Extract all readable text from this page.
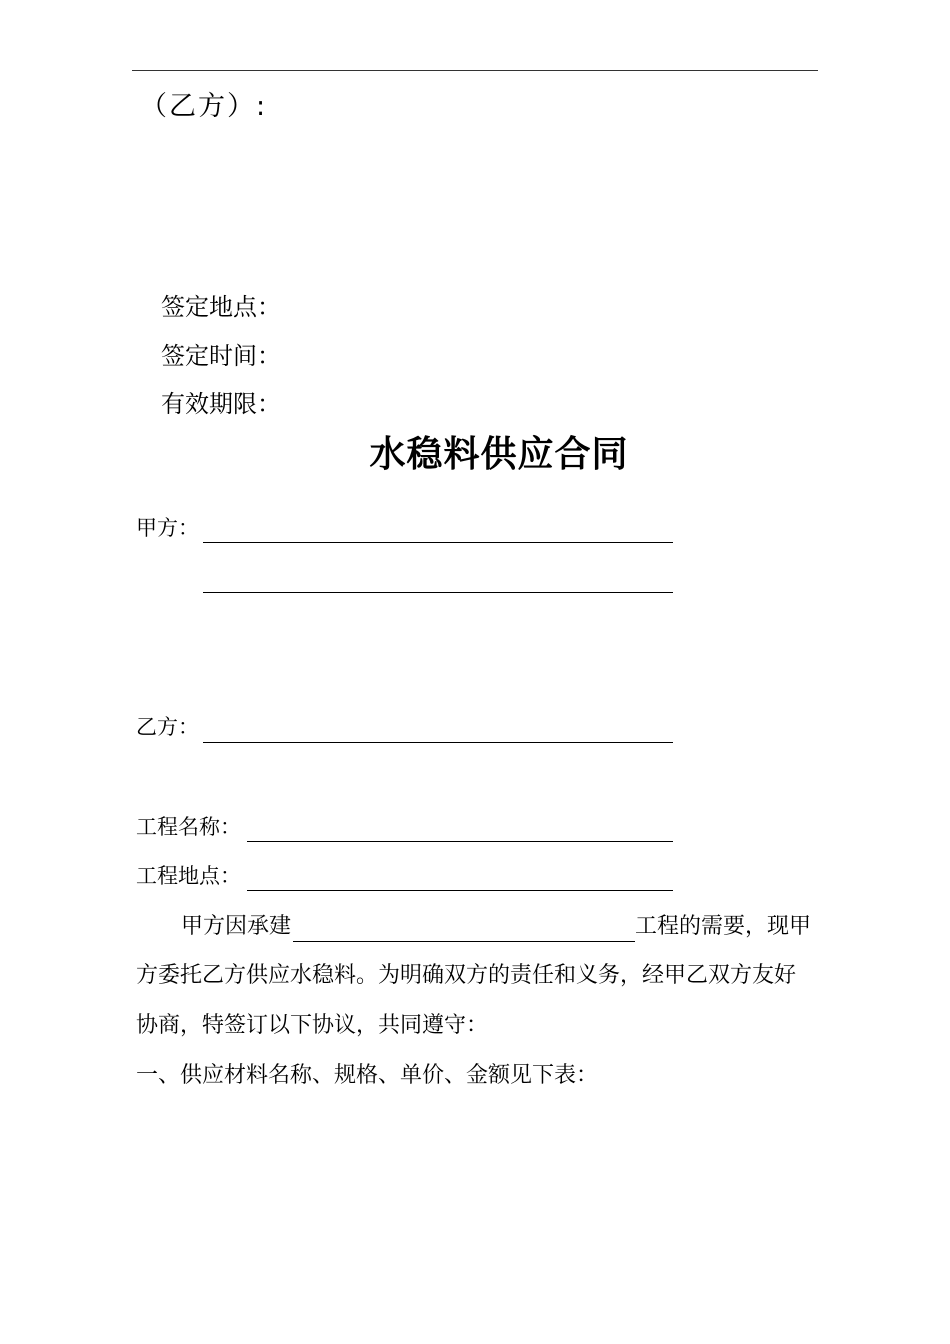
（乙方）:
签定地点：
签定时间：
有效期限：
水稳料供应合同
甲方：
乙方：
工程名称：
工程地点：
甲方因承建	工程的需要，现甲
方委托乙方供应水稳料。为明确双方的责任和义务，经甲乙双方友好
协商，特签订以下协议，共同遵守：
一、供应材料名称、规格、单价、金额见下表：
